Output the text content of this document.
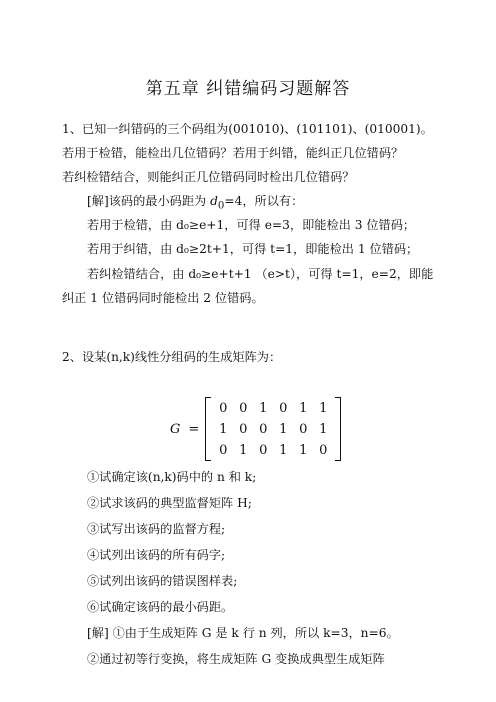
第五章 纠错编码习题解答
1、已知一纠错码的三个码组为(001010)、(101101)、(010001)。
若用于检错，能检出几位错码？若用于纠错，能纠正几位错码？
若纠检错结合，则能纠正几位错码同时检出几位错码？
[解]该码的最小码距为 $d_0=4$，所以有：
若用于检错，由 d₀≥e+1，可得 e=3，即能检出 3 位错码；
若用于纠错，由 d₀≥2t+1，可得 t=1，即能检出 1 位错码；
若纠检错结合，由 d₀≥e+t+1 （e>t），可得 t=1，e=2，即能
纠正 1 位错码同时能检出 2 位错码。
2、设某(n,k)线性分组码的生成矩阵为：
G =
0 0 1 0 1 1
1 0 0 1 0 1
0 1 0 1 1 0
①试确定该(n,k)码中的 n 和 k;
②试求该码的典型监督矩阵 H;
③试写出该码的监督方程;
④试列出该码的所有码字;
⑤试列出该码的错误图样表;
⑥试确定该码的最小码距。
[解] ①由于生成矩阵 G 是 k 行 n 列，所以 k=3，n=6。
②通过初等行变换，将生成矩阵 G 变换成典型生成矩阵
